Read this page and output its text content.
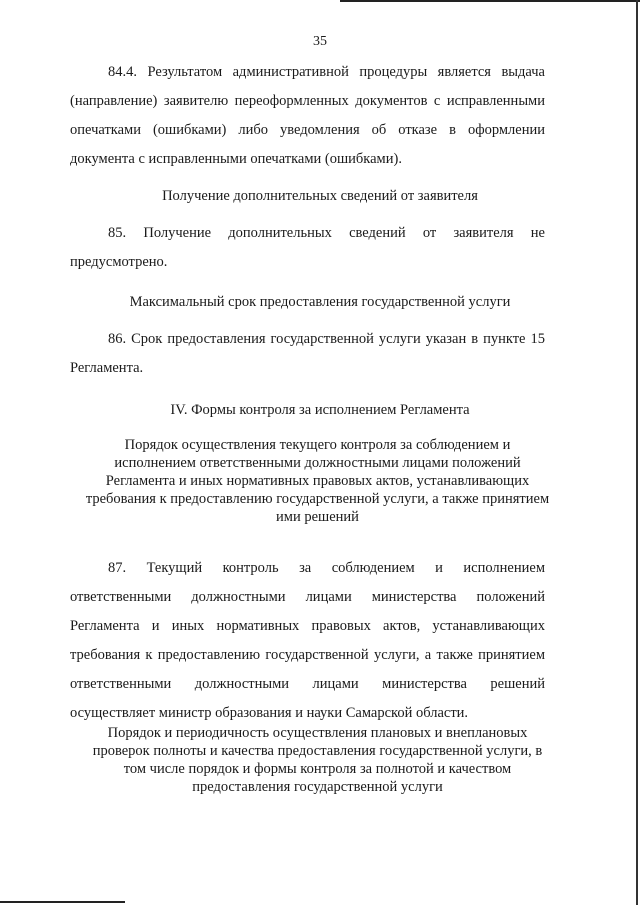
35
84.4. Результатом административной процедуры является выдача
(направление) заявителю переоформленных документов с исправленными
опечатками (ошибками) либо уведомления об отказе в оформлении
документа с исправленными опечатками (ошибками).
Получение дополнительных сведений от заявителя
85. Получение дополнительных сведений от заявителя не
предусмотрено.
Максимальный срок предоставления государственной услуги
86. Срок предоставления государственной услуги указан в пункте 15
Регламента.
IV. Формы контроля за исполнением Регламента
Порядок осуществления текущего контроля за соблюдением и
исполнением ответственными должностными лицами положений
Регламента и иных нормативных правовых актов, устанавливающих
требования к предоставлению государственной услуги, а также принятием
ими решений
87. Текущий контроль за соблюдением и исполнением
ответственными должностными лицами министерства положений
Регламента и иных нормативных правовых актов, устанавливающих
требования к предоставлению государственной услуги, а также принятием
ответственными должностными лицами министерства решений
осуществляет министр образования и науки Самарской области.
Порядок и периодичность осуществления плановых и внеплановых
проверок полноты и качества предоставления государственной услуги, в
том числе порядок и формы контроля за полнотой и качеством
предоставления государственной услуги
